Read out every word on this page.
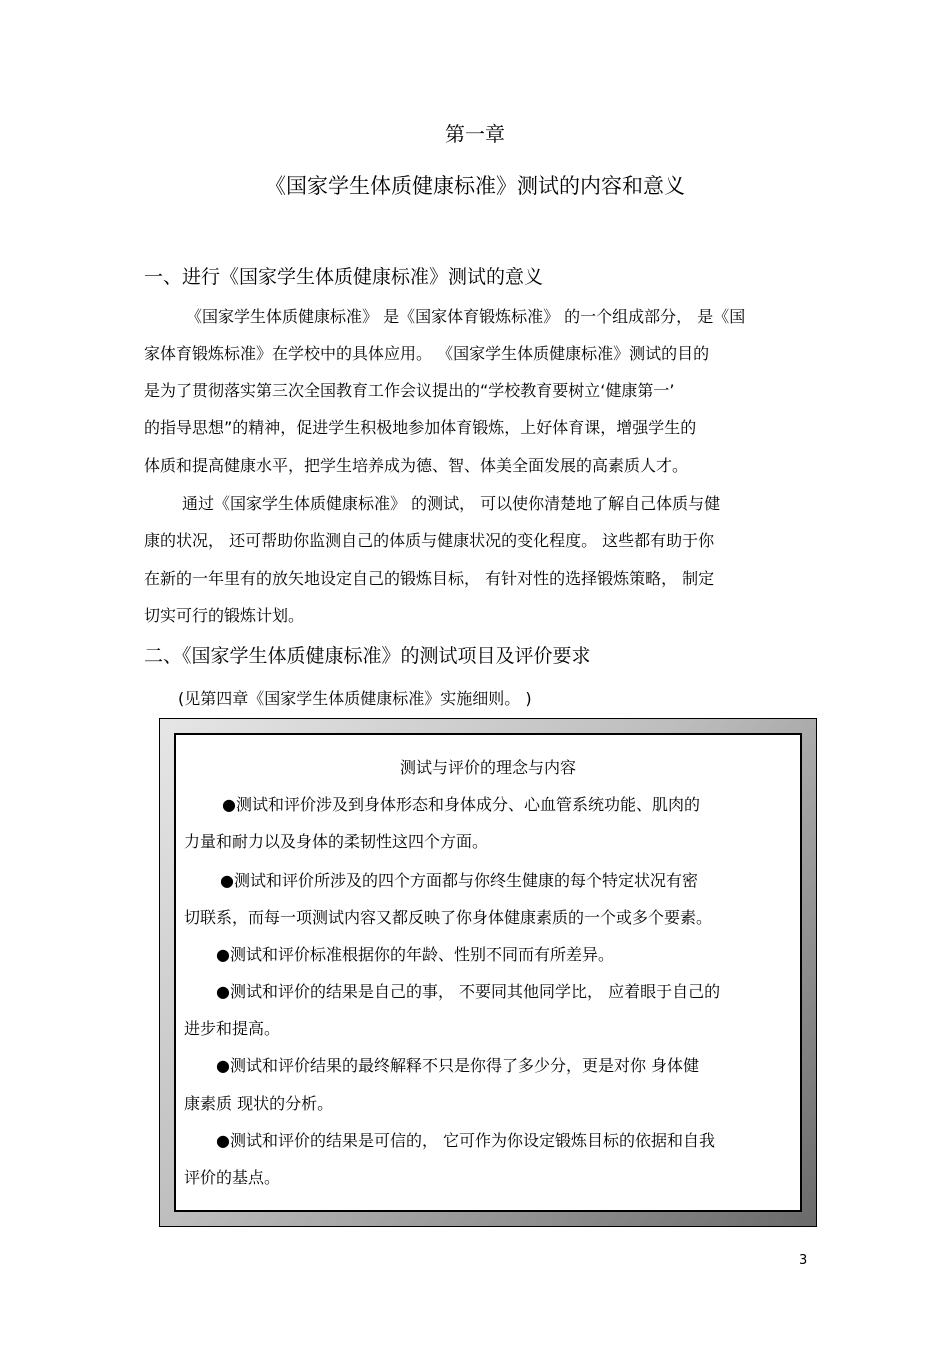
第一章
《国家学生体质健康标准》测试的内容和意义
一、进行《国家学生体质健康标准》测试的意义
《国家学生体质健康标准》 是《国家体育锻炼标准》 的一个组成部分， 是《国
家体育锻炼标准》在学校中的具体应用。 《国家学生体质健康标准》测试的目的
是为了贯彻落实第三次全国教育工作会议提出的“学校教育要树立‘健康第一’
的指导思想”的精神，促进学生积极地参加体育锻炼，上好体育课，增强学生的
体质和提高健康水平，把学生培养成为德、智、体美全面发展的高素质人才。
通过《国家学生体质健康标准》 的测试， 可以使你清楚地了解自己体质与健
康的状况， 还可帮助你监测自己的体质与健康状况的变化程度。 这些都有助于你
在新的一年里有的放矢地设定自己的锻炼目标， 有针对性的选择锻炼策略， 制定
切实可行的锻炼计划。
二、《国家学生体质健康标准》的测试项目及评价要求
(见第四章《国家学生体质健康标准》实施细则。 )
测试与评价的理念与内容
●测试和评价涉及到身体形态和身体成分、心血管系统功能、肌肉的
力量和耐力以及身体的柔韧性这四个方面。
●测试和评价所涉及的四个方面都与你终生健康的每个特定状况有密
切联系，而每一项测试内容又都反映了你身体健康素质的一个或多个要素。
●测试和评价标准根据你的年龄、性别不同而有所差异。
●测试和评价的结果是自己的事， 不要同其他同学比， 应着眼于自己的
进步和提高。
●测试和评价结果的最终解释不只是你得了多少分，更是对你 身体健
康素质 现状的分析。
●测试和评价的结果是可信的， 它可作为你设定锻炼目标的依据和自我
评价的基点。
3
